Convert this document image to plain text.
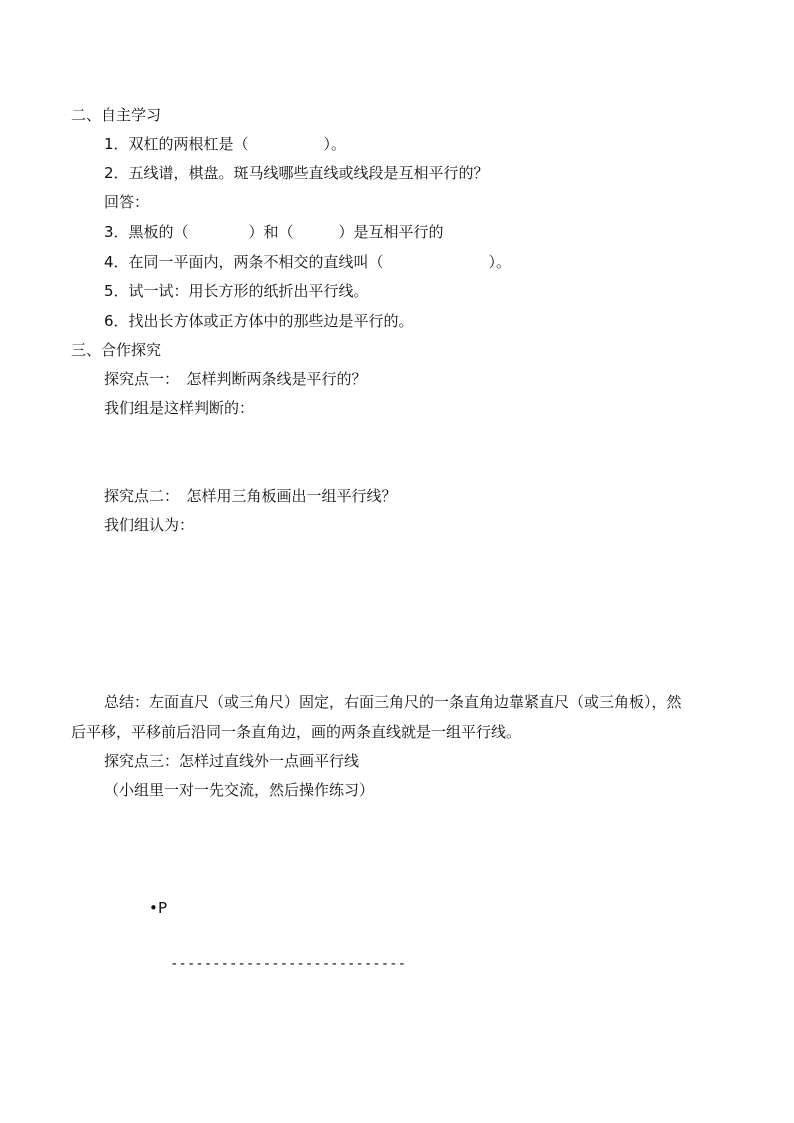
二、自主学习
1．双杠的两根杠是（　　　　　）。
2．五线谱，棋盘。斑马线哪些直线或线段是互相平行的？
回答：
3．黑板的（　　　　）和（　　　）是互相平行的
4．在同一平面内，两条不相交的直线叫（　　　　　　　）。
5．试一试：用长方形的纸折出平行线。
6．找出长方体或正方体中的那些边是平行的。
三、合作探究
探究点一：　怎样判断两条线是平行的？
我们组是这样判断的：
探究点二：　怎样用三角板画出一组平行线？
我们组认为：
总结：左面直尺（或三角尺）固定，右面三角尺的一条直角边靠紧直尺（或三角板），然
后平移，平移前后沿同一条直角边，画的两条直线就是一组平行线。
探究点三：怎样过直线外一点画平行线
（小组里一对一先交流，然后操作练习）
• P
----------------------------
